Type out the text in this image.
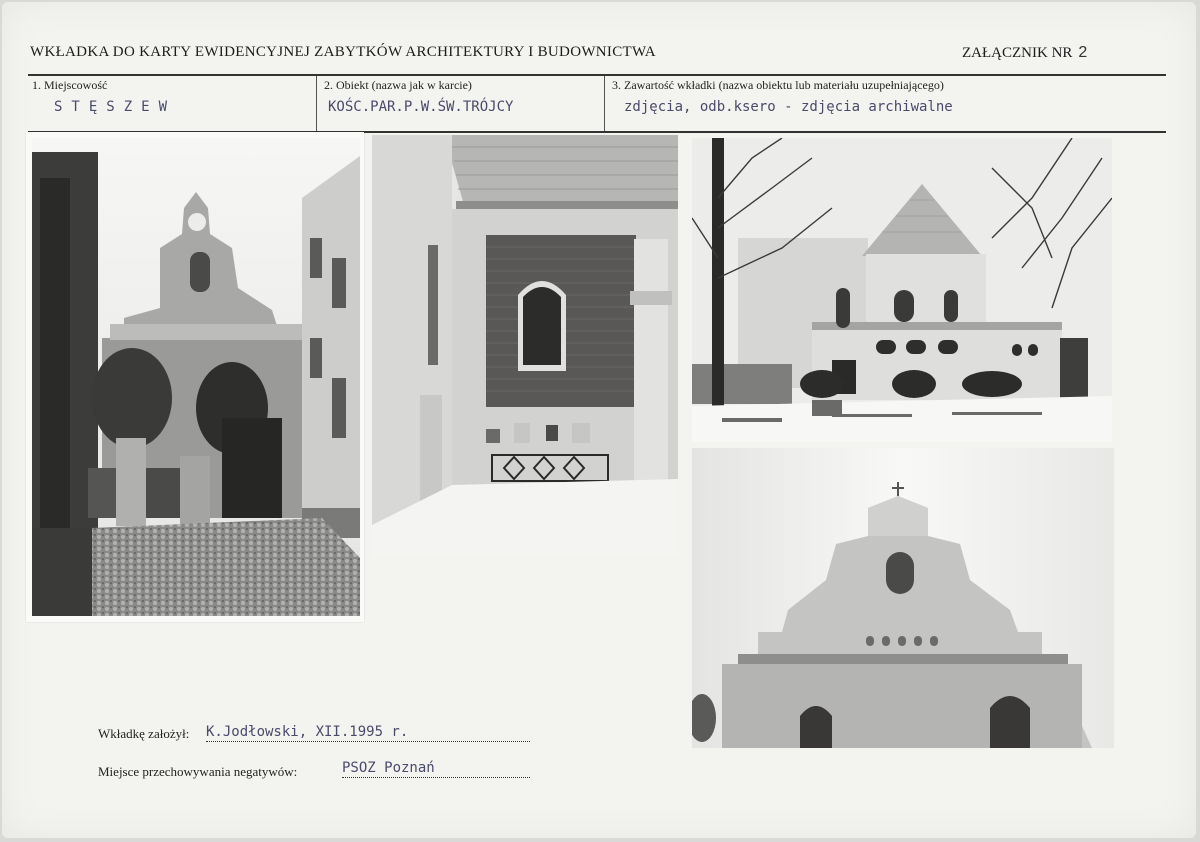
WKŁADKA DO KARTY EWIDENCYJNEJ ZABYTKÓW ARCHITEKTURY I BUDOWNICTWA	ZAŁĄCZNIK NR 2
1. Miejscowość
STĘSZEW
2. Obiekt (nazwa jak w karcie)
KOŚC.PAR.P.W.ŚW.TRÓJCY
3. Zawartość wkładki (nazwa obiektu lub materiału uzupełniającego)
zdjęcia, odb.ksero - zdjęcia archiwalne
Wkładkę założył: K.Jodłowski, XII.1995 r.
Miejsce przechowywania negatywów:	PSOZ Poznań
